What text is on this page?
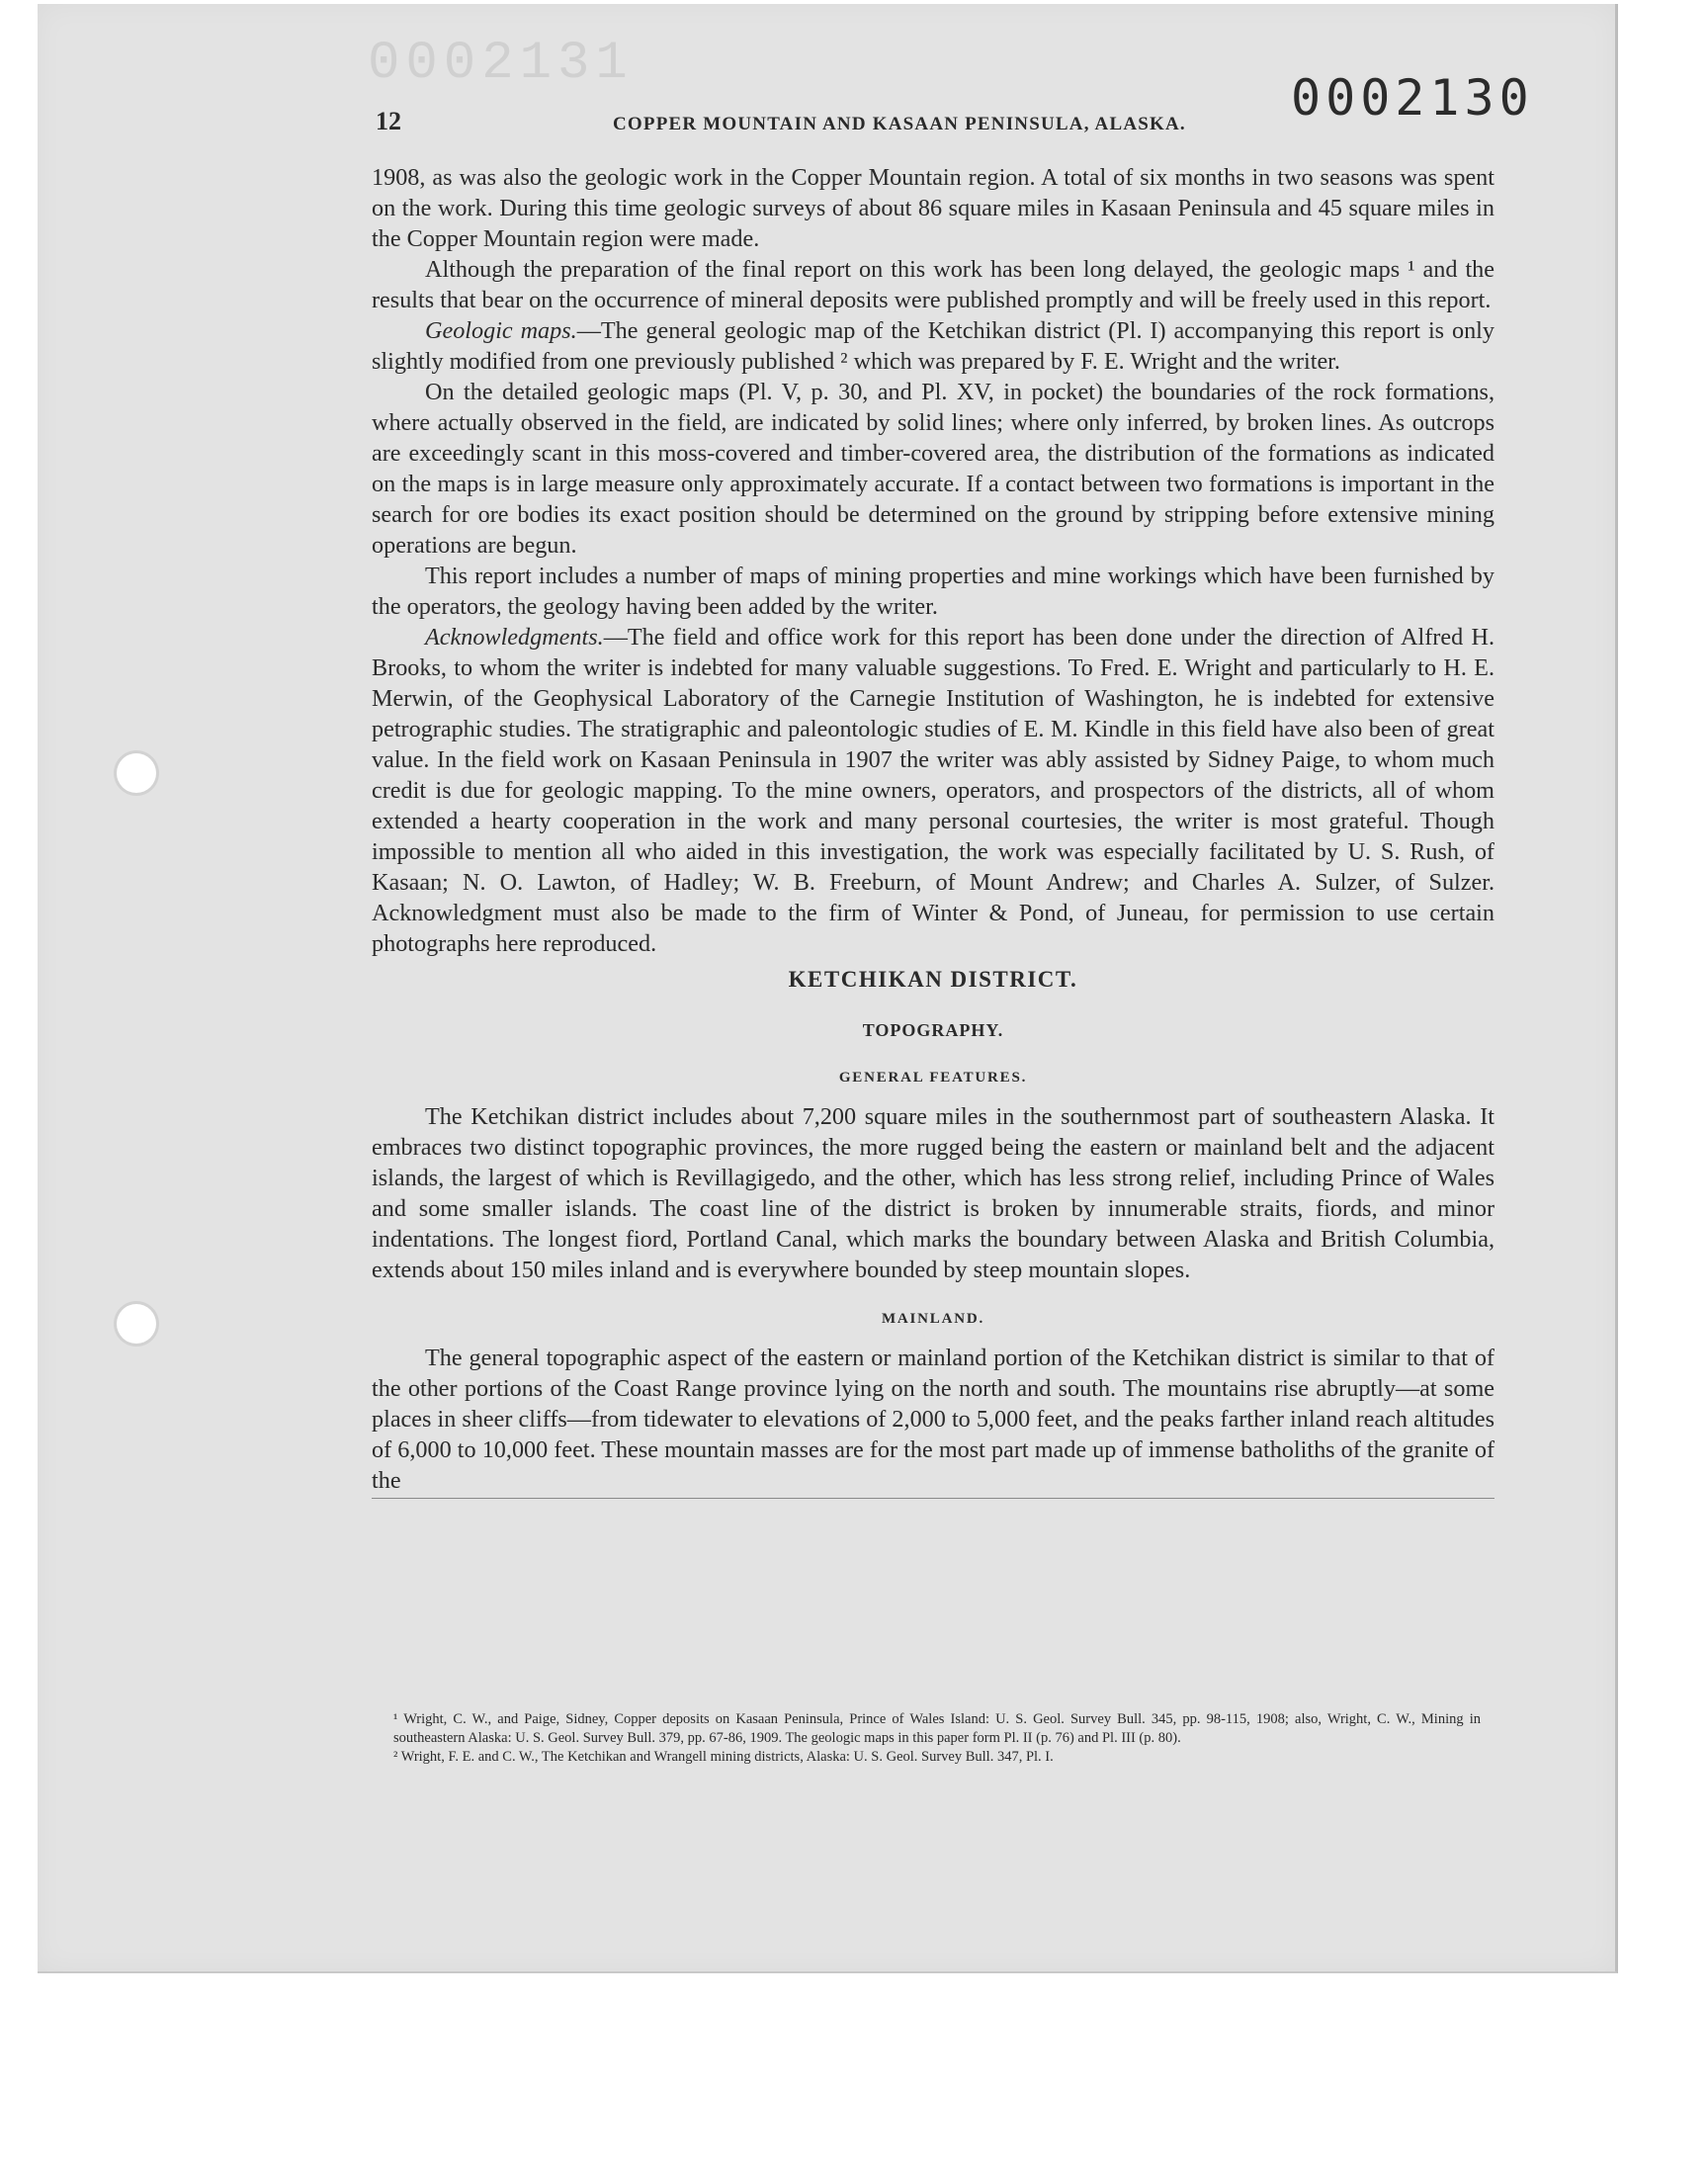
0002131
0002130
12	COPPER MOUNTAIN AND KASAAN PENINSULA, ALASKA.

1908, as was also the geologic work in the Copper Mountain region. A total of six months in two seasons was spent on the work. During this time geologic surveys of about 86 square miles in Kasaan Peninsula and 45 square miles in the Copper Mountain region were made.

Although the preparation of the final report on this work has been long delayed, the geologic maps ¹ and the results that bear on the occurrence of mineral deposits were published promptly and will be freely used in this report.

Geologic maps.—The general geologic map of the Ketchikan district (Pl. I) accompanying this report is only slightly modified from one previously published ² which was prepared by F. E. Wright and the writer.

On the detailed geologic maps (Pl. V, p. 30, and Pl. XV, in pocket) the boundaries of the rock formations, where actually observed in the field, are indicated by solid lines; where only inferred, by broken lines. As outcrops are exceedingly scant in this moss-covered and timber-covered area, the distribution of the formations as indicated on the maps is in large measure only approximately accurate. If a contact between two formations is important in the search for ore bodies its exact position should be determined on the ground by stripping before extensive mining operations are begun.

This report includes a number of maps of mining properties and mine workings which have been furnished by the operators, the geology having been added by the writer.

Acknowledgments.—The field and office work for this report has been done under the direction of Alfred H. Brooks, to whom the writer is indebted for many valuable suggestions. To Fred. E. Wright and particularly to H. E. Merwin, of the Geophysical Laboratory of the Carnegie Institution of Washington, he is indebted for extensive petrographic studies. The stratigraphic and paleontologic studies of E. M. Kindle in this field have also been of great value. In the field work on Kasaan Peninsula in 1907 the writer was ably assisted by Sidney Paige, to whom much credit is due for geologic mapping. To the mine owners, operators, and prospectors of the districts, all of whom extended a hearty cooperation in the work and many personal courtesies, the writer is most grateful. Though impossible to mention all who aided in this investigation, the work was especially facilitated by U. S. Rush, of Kasaan; N. O. Lawton, of Hadley; W. B. Freeburn, of Mount Andrew; and Charles A. Sulzer, of Sulzer. Acknowledgment must also be made to the firm of Winter & Pond, of Juneau, for permission to use certain photographs here reproduced.

KETCHIKAN DISTRICT.
TOPOGRAPHY.
GENERAL FEATURES.

The Ketchikan district includes about 7,200 square miles in the southernmost part of southeastern Alaska. It embraces two distinct topographic provinces, the more rugged being the eastern or mainland belt and the adjacent islands, the largest of which is Revillagigedo, and the other, which has less strong relief, including Prince of Wales and some smaller islands. The coast line of the district is broken by innumerable straits, fiords, and minor indentations. The longest fiord, Portland Canal, which marks the boundary between Alaska and British Columbia, extends about 150 miles inland and is everywhere bounded by steep mountain slopes.

MAINLAND.

The general topographic aspect of the eastern or mainland portion of the Ketchikan district is similar to that of the other portions of the Coast Range province lying on the north and south. The mountains rise abruptly—at some places in sheer cliffs—from tidewater to elevations of 2,000 to 5,000 feet, and the peaks farther inland reach altitudes of 6,000 to 10,000 feet. These mountain masses are for the most part made up of immense batholiths of the granite of the

¹ Wright, C. W., and Paige, Sidney, Copper deposits on Kasaan Peninsula, Prince of Wales Island: U. S. Geol. Survey Bull. 345, pp. 98-115, 1908; also, Wright, C. W., Mining in southeastern Alaska: U. S. Geol. Survey Bull. 379, pp. 67-86, 1909. The geologic maps in this paper form Pl. II (p. 76) and Pl. III (p. 80).

² Wright, F. E. and C. W., The Ketchikan and Wrangell mining districts, Alaska: U. S. Geol. Survey Bull. 347, Pl. I.
